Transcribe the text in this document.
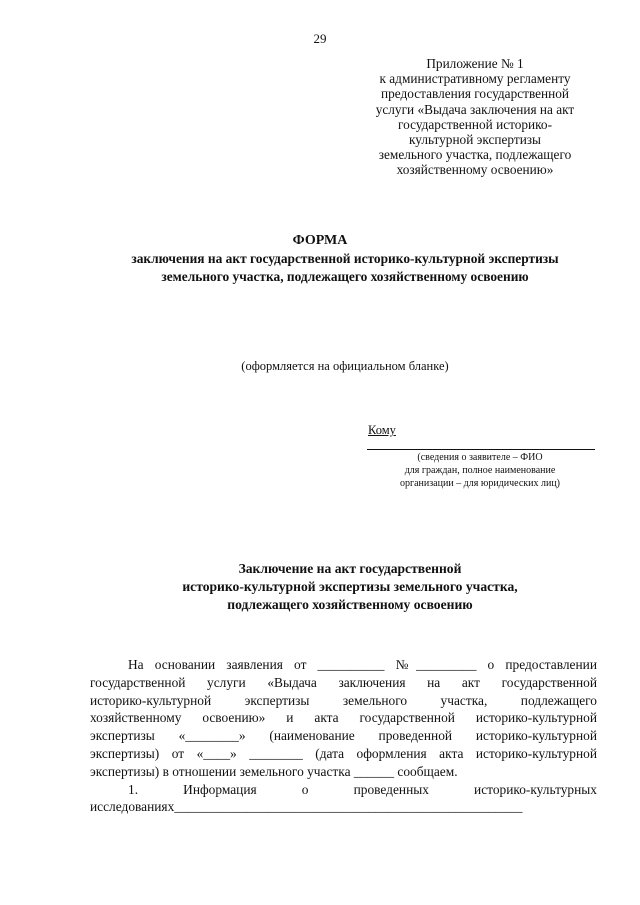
29
Приложение № 1
к административному регламенту
предоставления государственной
услуги «Выдача заключения на акт
государственной историко-
культурной экспертизы
земельного участка, подлежащего
хозяйственному освоению»
ФОРМА
заключения на акт государственной историко-культурной экспертизы
земельного участка, подлежащего хозяйственному освоению
(оформляется на официальном бланке)
Кому
(сведения о заявителе – ФИО
для граждан, полное наименование
организации – для юридических лиц)
Заключение на акт государственной
историко-культурной экспертизы земельного участка,
подлежащего хозяйственному освоению
На основании заявления от __________ №_________ о предоставлении
государственной услуги «Выдача заключения на акт государственной
историко-культурной экспертизы земельного участка, подлежащего
хозяйственному освоению» и акта государственной историко-культурной
экспертизы «________» (наименование проведенной историко-культурной
экспертизы) от «____» ________ (дата оформления акта историко-культурной
экспертизы) в отношении земельного участка ______ сообщаем.
1. Информация о проведенных историко-культурных
исследованиях____________________________________________________
